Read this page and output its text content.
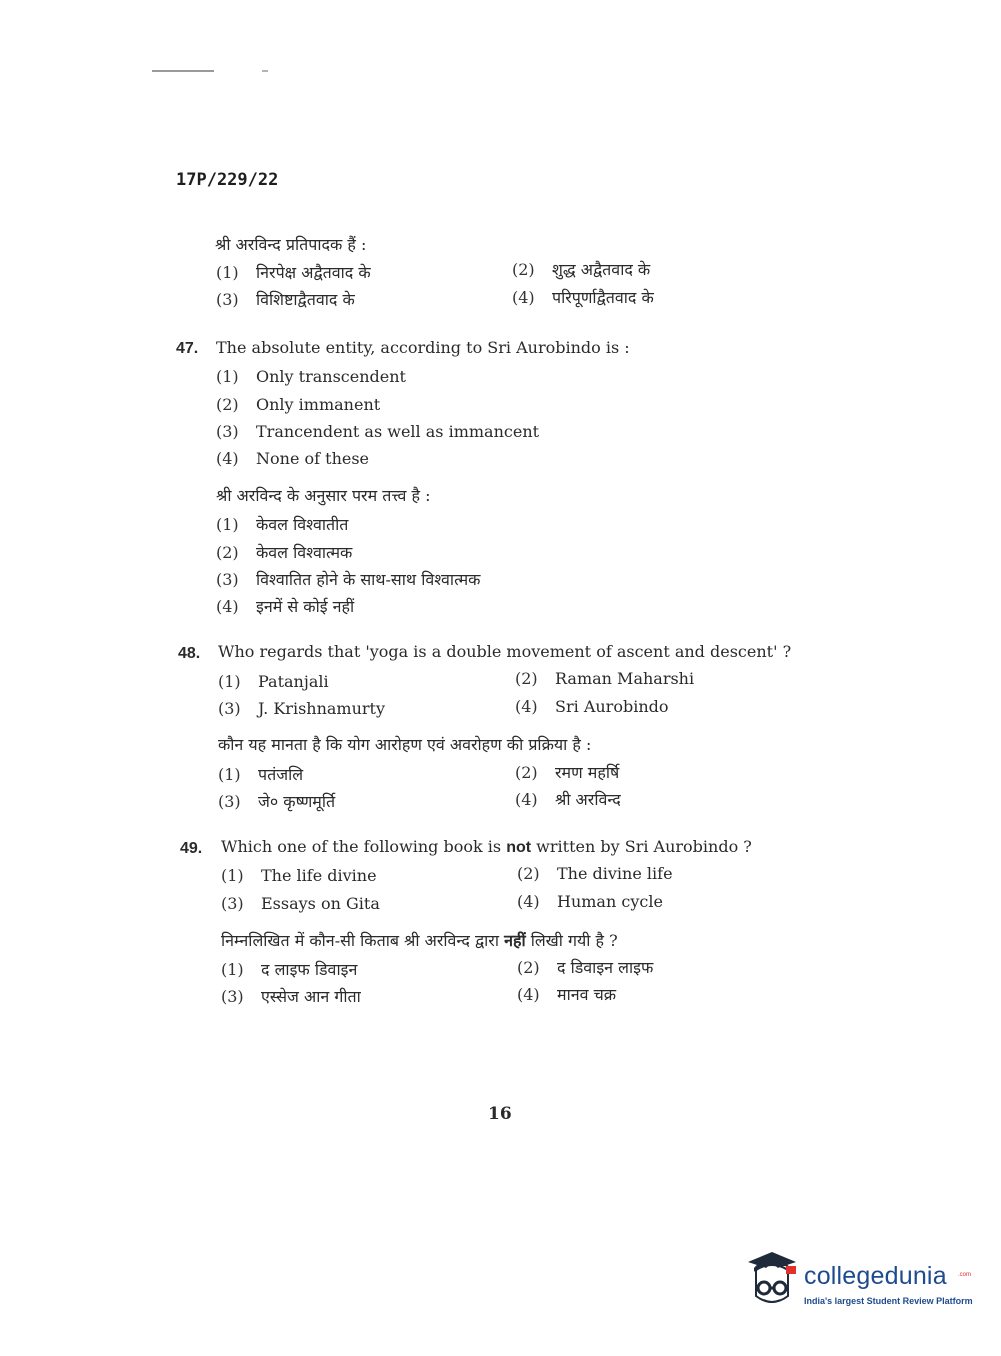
17P/229/22
श्री अरविन्द प्रतिपादक हैं :
(1) निरपेक्ष अद्वैतवाद के	(2) शुद्ध अद्वैतवाद के
(3) विशिष्टाद्वैतवाद के	(4) परिपूर्णाद्वैतवाद के
47. The absolute entity, according to Sri Aurobindo is :
(1) Only transcendent
(2) Only immanent
(3) Trancendent as well as immancent
(4) None of these
श्री अरविन्द के अनुसार परम तत्त्व है :
(1) केवल विश्वातीत
(2) केवल विश्वात्मक
(3) विश्वातित होने के साथ-साथ विश्वात्मक
(4) इनमें से कोई नहीं
48. Who regards that 'yoga is a double movement of ascent and descent' ?
(1) Patanjali	(2) Raman Maharshi
(3) J. Krishnamurty	(4) Sri Aurobindo
कौन यह मानता है कि योग आरोहण एवं अवरोहण की प्रक्रिया है :
(1) पतंजलि	(2) रमण महर्षि
(3) जे० कृष्णमूर्ति	(4) श्री अरविन्द
49. Which one of the following book is not written by Sri Aurobindo ?
(1) The life divine	(2) The divine life
(3) Essays on Gita	(4) Human cycle
निम्नलिखित में कौन-सी किताब श्री अरविन्द द्वारा नहीं लिखी गयी है ?
(1) द लाइफ डिवाइन	(2) द डिवाइन लाइफ
(3) एस्सेज आन गीता	(4) मानव चक्र
16
collegedunia .com
India's largest Student Review Platform
